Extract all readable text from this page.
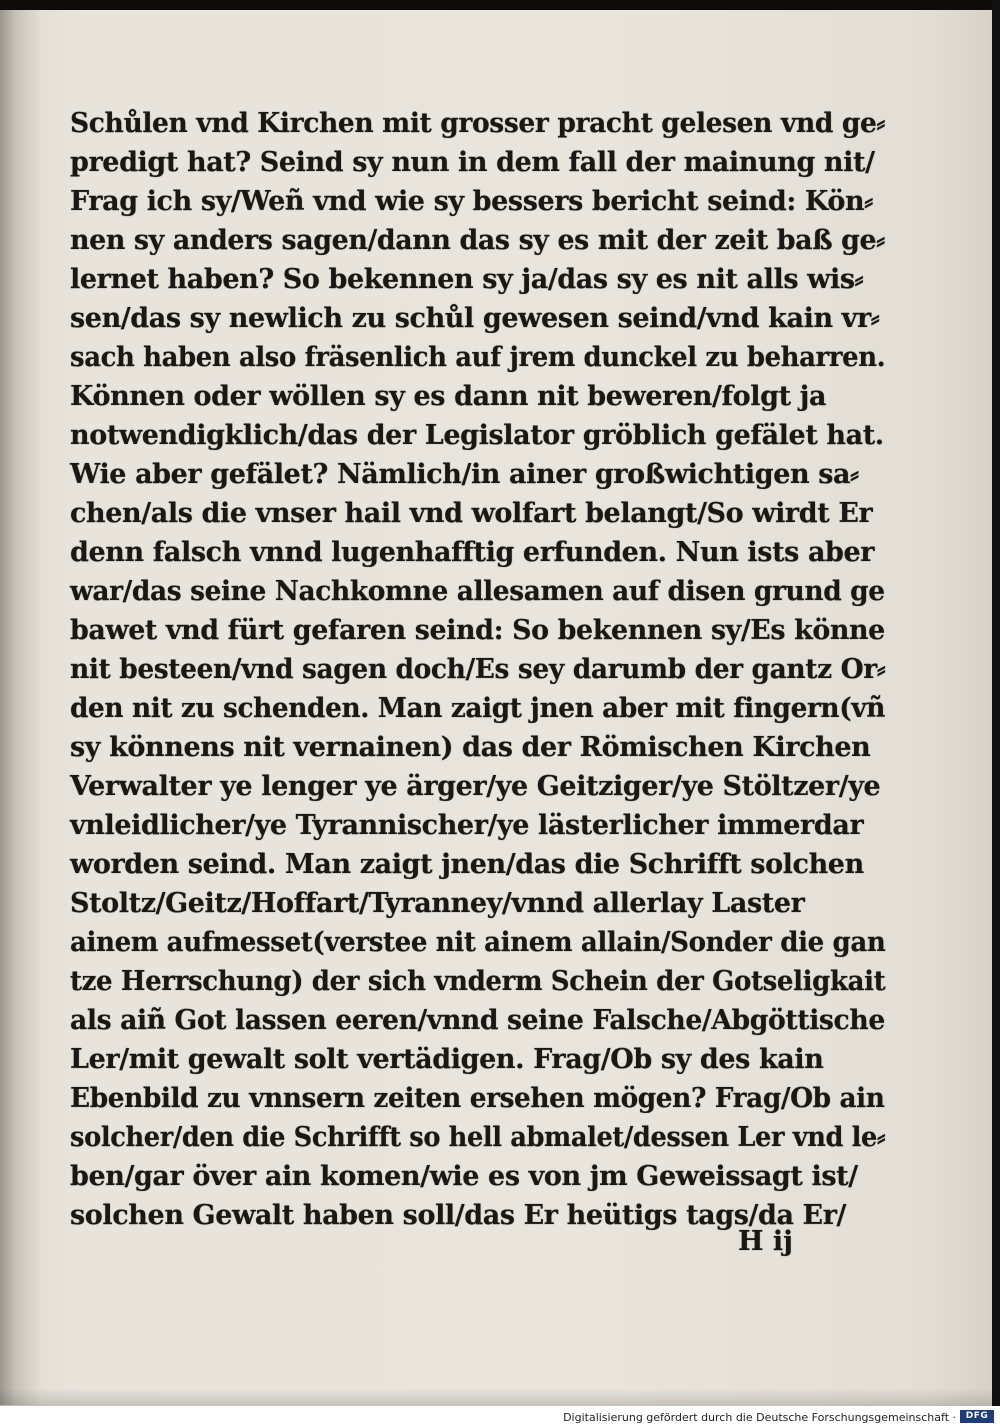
Schůlen vnd Kirchen mit grosser pracht gelesen vnd ge⸗
predigt hat? Seind sy nun in dem fall der mainung nit/
Frag ich sy/Weñ vnd wie sy bessers bericht seind: Kön⸗
nen sy anders sagen/dann das sy es mit der zeit baß ge⸗
lernet haben? So bekennen sy ja/das sy es nit alls wis⸗
sen/das sy newlich zu schůl gewesen seind/vnd kain vr⸗
sach haben also fräsenlich auf jrem dunckel zu beharren.
Können oder wöllen sy es dann nit beweren/folgt ja
notwendigklich/das der Legislator gröblich gefälet hat.
Wie aber gefälet? Nämlich/in ainer großwichtigen sa⸗
chen/als die vnser hail vnd wolfart belangt/So wirdt Er
denn falsch vnnd lugenhafftig erfunden. Nun ists aber
war/das seine Nachkomne allesamen auf disen grund ge
bawet vnd fürt gefaren seind: So bekennen sy/Es könne
nit besteen/vnd sagen doch/Es sey darumb der gantz Or⸗
den nit zu schenden. Man zaigt jnen aber mit fingern(vñ
sy könnens nit vernainen) das der Römischen Kirchen
Verwalter ye lenger ye ärger/ye Geitziger/ye Stöltzer/ye
vnleidlicher/ye Tyrannischer/ye lästerlicher immerdar
worden seind. Man zaigt jnen/das die Schrifft solchen
Stoltz/Geitz/Hoffart/Tyranney/vnnd allerlay Laster
ainem aufmesset(verstee nit ainem allain/Sonder die gan
tze Herrschung) der sich vnderm Schein der Gotseligkait
als aiñ Got lassen eeren/vnnd seine Falsche/Abgöttische
Ler/mit gewalt solt vertädigen. Frag/Ob sy des kain
Ebenbild zu vnnsern zeiten ersehen mögen? Frag/Ob ain
solcher/den die Schrifft so hell abmalet/dessen Ler vnd le⸗
ben/gar över ain komen/wie es von jm Geweissagt ist/
solchen Gewalt haben soll/das Er heütigs tags/da Er/
H ij
Digitalisierung gefördert durch die Deutsche Forschungsgemeinschaft ·	DFG
